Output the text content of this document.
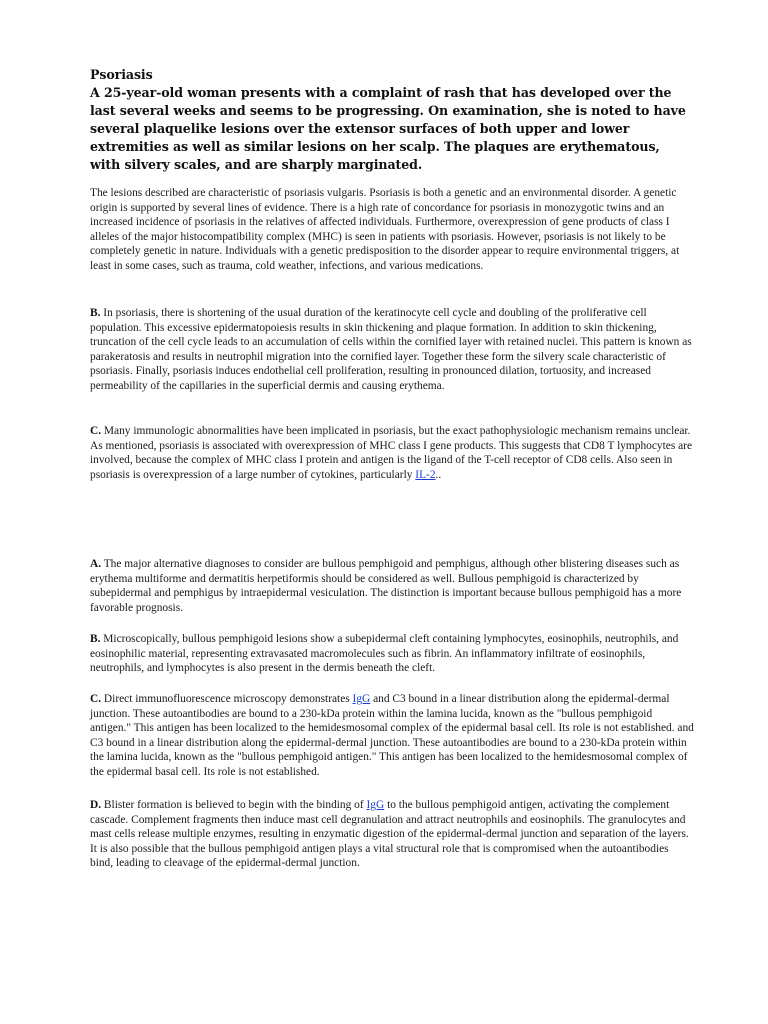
Psoriasis
A 25-year-old woman presents with a complaint of rash that has developed over the last several weeks and seems to be progressing. On examination, she is noted to have several plaquelike lesions over the extensor surfaces of both upper and lower extremities as well as similar lesions on her scalp. The plaques are erythematous, with silvery scales, and are sharply marginated.
The lesions described are characteristic of psoriasis vulgaris. Psoriasis is both a genetic and an environmental disorder. A genetic origin is supported by several lines of evidence. There is a high rate of concordance for psoriasis in monozygotic twins and an increased incidence of psoriasis in the relatives of affected individuals. Furthermore, overexpression of gene products of class I alleles of the major histocompatibility complex (MHC) is seen in patients with psoriasis. However, psoriasis is not likely to be completely genetic in nature. Individuals with a genetic predisposition to the disorder appear to require environmental triggers, at least in some cases, such as trauma, cold weather, infections, and various medications.
B. In psoriasis, there is shortening of the usual duration of the keratinocyte cell cycle and doubling of the proliferative cell population. This excessive epidermatopoiesis results in skin thickening and plaque formation. In addition to skin thickening, truncation of the cell cycle leads to an accumulation of cells within the cornified layer with retained nuclei. This pattern is known as parakeratosis and results in neutrophil migration into the cornified layer. Together these form the silvery scale characteristic of psoriasis. Finally, psoriasis induces endothelial cell proliferation, resulting in pronounced dilation, tortuosity, and increased permeability of the capillaries in the superficial dermis and causing erythema.
C. Many immunologic abnormalities have been implicated in psoriasis, but the exact pathophysiologic mechanism remains unclear. As mentioned, psoriasis is associated with overexpression of MHC class I gene products. This suggests that CD8 T lymphocytes are involved, because the complex of MHC class I protein and antigen is the ligand of the T-cell receptor of CD8 cells. Also seen in psoriasis is overexpression of a large number of cytokines, particularly IL-2..
A. The major alternative diagnoses to consider are bullous pemphigoid and pemphigus, although other blistering diseases such as erythema multiforme and dermatitis herpetiformis should be considered as well. Bullous pemphigoid is characterized by subepidermal and pemphigus by intraepidermal vesiculation. The distinction is important because bullous pemphigoid has a more favorable prognosis.
B. Microscopically, bullous pemphigoid lesions show a subepidermal cleft containing lymphocytes, eosinophils, neutrophils, and eosinophilic material, representing extravasated macromolecules such as fibrin. An inflammatory infiltrate of eosinophils, neutrophils, and lymphocytes is also present in the dermis beneath the cleft.
C. Direct immunofluorescence microscopy demonstrates IgG and C3 bound in a linear distribution along the epidermal-dermal junction. These autoantibodies are bound to a 230-kDa protein within the lamina lucida, known as the "bullous pemphigoid antigen." This antigen has been localized to the hemidesmosomal complex of the epidermal basal cell. Its role is not established. and C3 bound in a linear distribution along the epidermal-dermal junction. These autoantibodies are bound to a 230-kDa protein within the lamina lucida, known as the "bullous pemphigoid antigen." This antigen has been localized to the hemidesmosomal complex of the epidermal basal cell. Its role is not established.
D. Blister formation is believed to begin with the binding of IgG to the bullous pemphigoid antigen, activating the complement cascade. Complement fragments then induce mast cell degranulation and attract neutrophils and eosinophils. The granulocytes and mast cells release multiple enzymes, resulting in enzymatic digestion of the epidermal-dermal junction and separation of the layers. It is also possible that the bullous pemphigoid antigen plays a vital structural role that is compromised when the autoantibodies bind, leading to cleavage of the epidermal-dermal junction.
